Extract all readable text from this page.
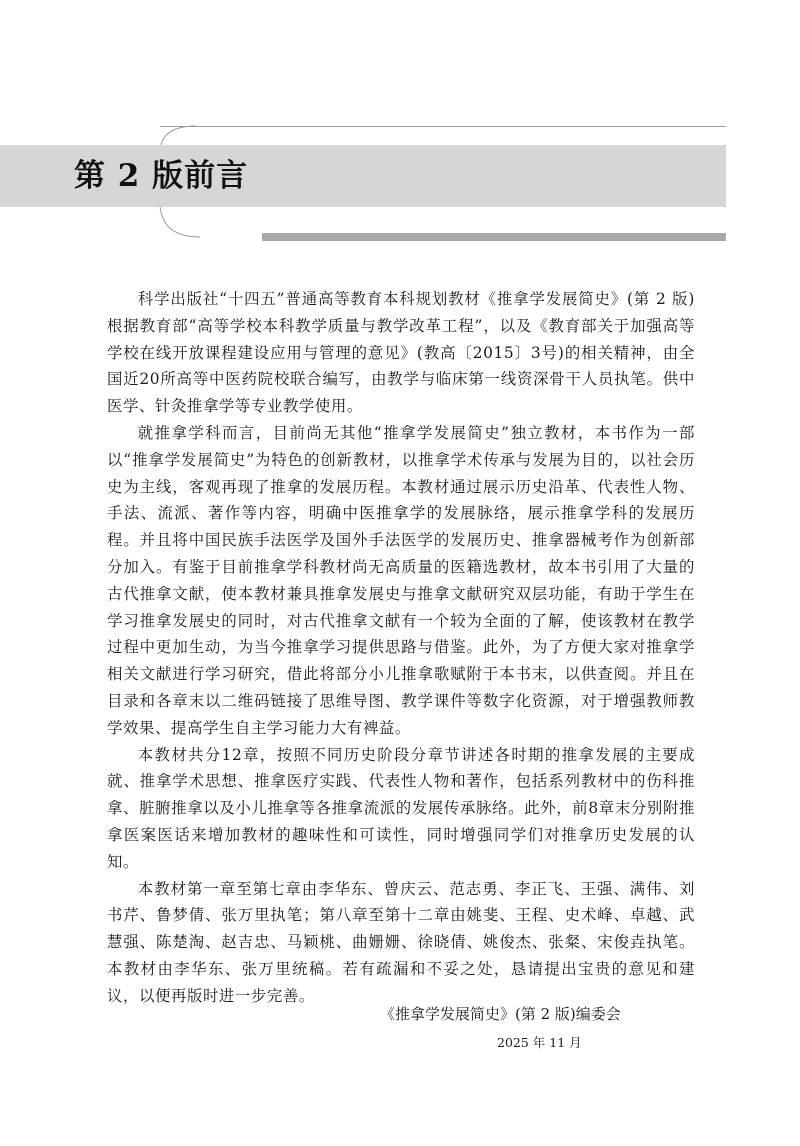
第 2 版前言

科学出版社“十四五”普通高等教育本科规划教材《推拿学发展简史》(第 2 版)根据教育部“高等学校本科教学质量与教学改革工程”，以及《教育部关于加强高等学校在线开放课程建设应用与管理的意见》(教高〔2015〕3号)的相关精神，由全国近20所高等中医药院校联合编写，由教学与临床第一线资深骨干人员执笔。供中医学、针灸推拿学等专业教学使用。

就推拿学科而言，目前尚无其他“推拿学发展简史”独立教材，本书作为一部以“推拿学发展简史”为特色的创新教材，以推拿学术传承与发展为目的，以社会历史为主线，客观再现了推拿的发展历程。本教材通过展示历史沿革、代表性人物、手法、流派、著作等内容，明确中医推拿学的发展脉络，展示推拿学科的发展历程。并且将中国民族手法医学及国外手法医学的发展历史、推拿器械考作为创新部分加入。有鉴于目前推拿学科教材尚无高质量的医籍选教材，故本书引用了大量的古代推拿文献，使本教材兼具推拿发展史与推拿文献研究双层功能，有助于学生在学习推拿发展史的同时，对古代推拿文献有一个较为全面的了解，使该教材在教学过程中更加生动，为当今推拿学习提供思路与借鉴。此外，为了方便大家对推拿学相关文献进行学习研究，借此将部分小儿推拿歌赋附于本书末，以供查阅。并且在目录和各章末以二维码链接了思维导图、教学课件等数字化资源，对于增强教师教学效果、提高学生自主学习能力大有裨益。

本教材共分12章，按照不同历史阶段分章节讲述各时期的推拿发展的主要成就、推拿学术思想、推拿医疗实践、代表性人物和著作，包括系列教材中的伤科推拿、脏腑推拿以及小儿推拿等各推拿流派的发展传承脉络。此外，前8章末分别附推拿医案医话来增加教材的趣味性和可读性，同时增强同学们对推拿历史发展的认知。

本教材第一章至第七章由李华东、曾庆云、范志勇、李正飞、王强、满伟、刘书芹、鲁梦倩、张万里执笔；第八章至第十二章由姚斐、王程、史术峰、卓越、武慧强、陈楚淘、赵吉忠、马颖桃、曲姗姗、徐晓倩、姚俊杰、张粲、宋俊垚执笔。本教材由李华东、张万里统稿。若有疏漏和不妥之处，恳请提出宝贵的意见和建议，以便再版时进一步完善。

《推拿学发展简史》(第 2 版)编委会
2025 年 11 月
